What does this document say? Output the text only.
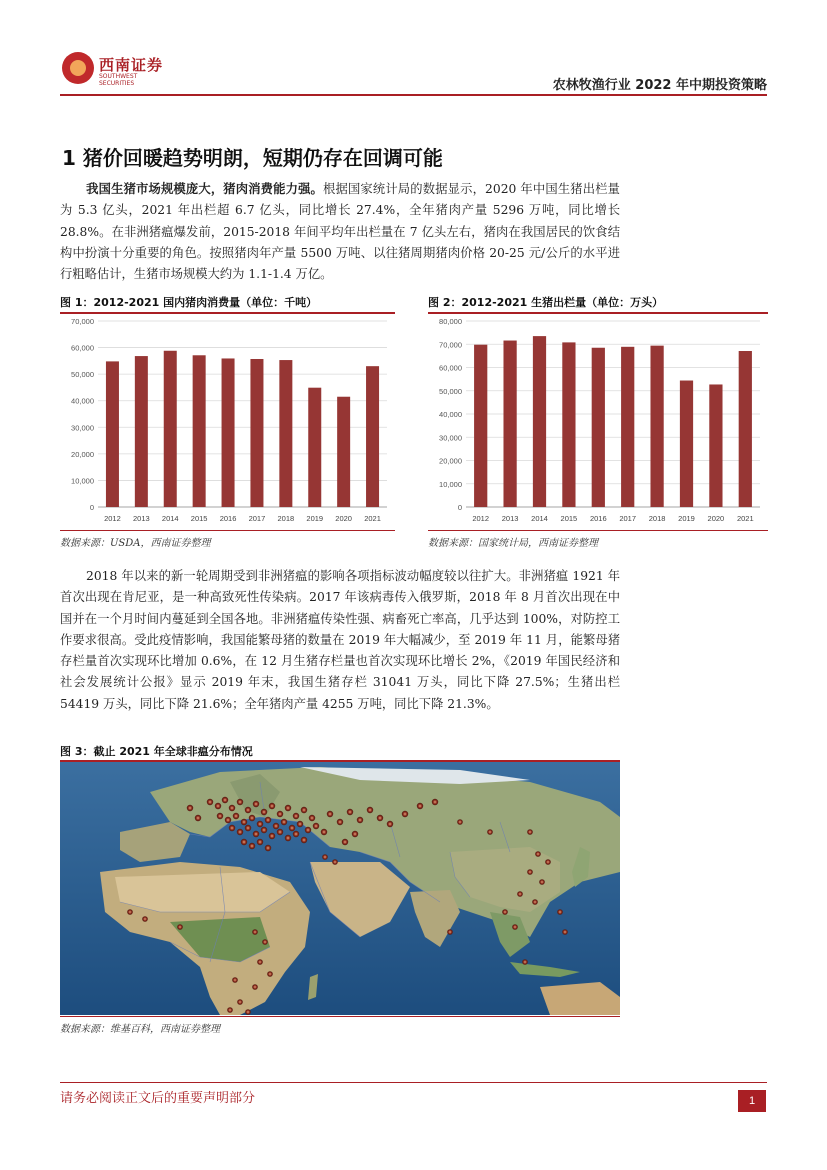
西南证券
SOUTHWEST SECURITIES	农林牧渔行业 2022 年中期投资策略
1 猪价回暖趋势明朗，短期仍存在回调可能
我国生猪市场规模庞大，猪肉消费能力强。根据国家统计局的数据显示，2020 年中国生猪出栏量为 5.3 亿头，2021 年出栏超 6.7 亿头，同比增长 27.4%，全年猪肉产量 5296 万吨，同比增长 28.8%。在非洲猪瘟爆发前，2015-2018 年间平均年出栏量在 7 亿头左右，猪肉在我国居民的饮食结构中扮演十分重要的角色。按照猪肉年产量 5500 万吨、以往猪周期猪肉价格 20-25 元/公斤的水平进行粗略估计，生猪市场规模大约为 1.1-1.4 万亿。
图 1：2012-2021 国内猪肉消费量（单位：千吨）
0
10,000
20,000
30,000
40,000
50,000
60,000
70,000
2012 2013 2014 2015 2016 2017 2018 2019 2020 2021
数据来源：USDA，西南证券整理
图 2：2012-2021 生猪出栏量（单位：万头）
0
10,000
20,000
30,000
40,000
50,000
60,000
70,000
80,000
2012 2013 2014 2015 2016 2017 2018 2019 2020 2021
数据来源：国家统计局，西南证券整理
2018 年以来的新一轮周期受到非洲猪瘟的影响各项指标波动幅度较以往扩大。非洲猪瘟 1921 年首次出现在肯尼亚，是一种高致死性传染病。2017 年该病毒传入俄罗斯，2018 年 8 月首次出现在中国并在一个月时间内蔓延到全国各地。非洲猪瘟传染性强、病畜死亡率高，几乎达到 100%，对防控工作要求很高。受此疫情影响，我国能繁母猪的数量在 2019 年大幅减少，至 2019 年 11 月，能繁母猪存栏量首次实现环比增加 0.6%，在 12 月生猪存栏量也首次实现环比增长 2%，《2019 年国民经济和社会发展统计公报》显示 2019 年末，我国生猪存栏 31041 万头，同比下降 27.5%；生猪出栏 54419 万头，同比下降 21.6%；全年猪肉产量 4255 万吨，同比下降 21.3%。
图 3：截止 2021 年全球非瘟分布情况
数据来源：维基百科，西南证券整理
请务必阅读正文后的重要声明部分	1
